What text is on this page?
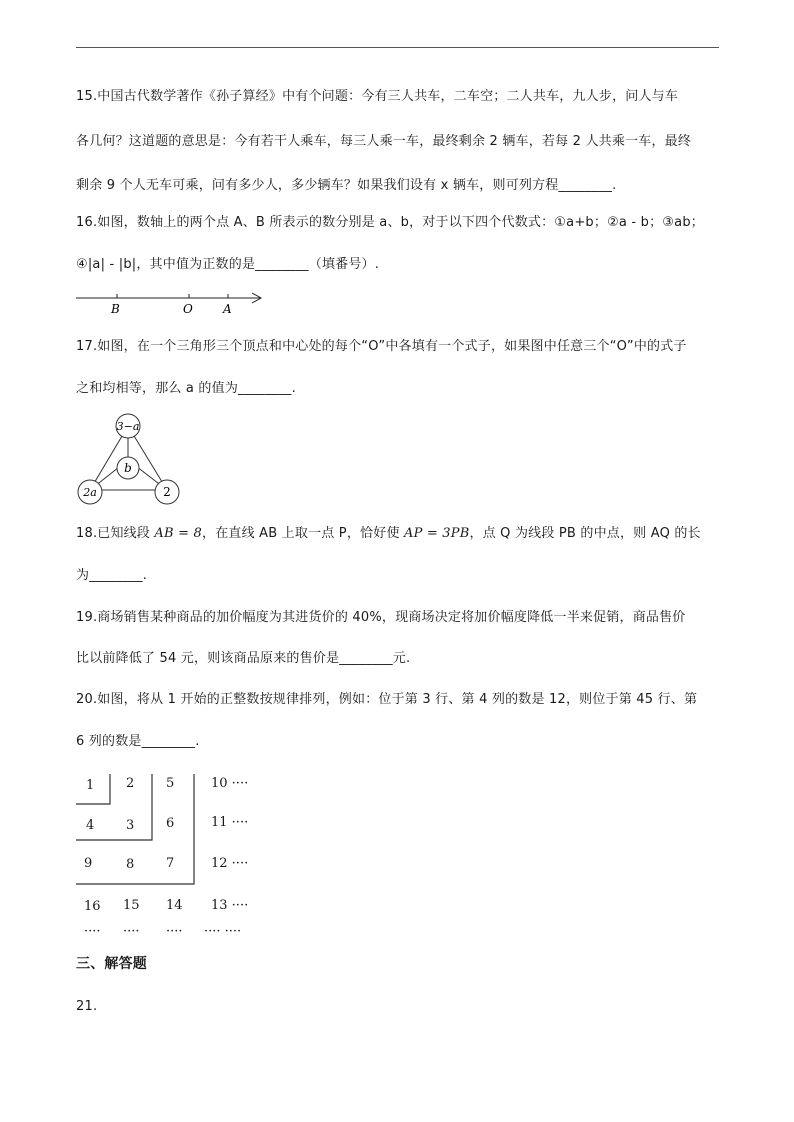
15.中国古代数学著作《孙子算经》中有个问题：今有三人共车，二车空；二人共车，九人步，问人与车
各几何？这道题的意思是：今有若干人乘车，每三人乘一车，最终剩余 2 辆车，若每 2 人共乘一车，最终
剩余 9 个人无车可乘，问有多少人，多少辆车？如果我们设有 x 辆车，则可列方程________.
16.如图，数轴上的两个点 A、B 所表示的数分别是 a、b，对于以下四个代数式：①a+b；②a - b；③ab；
④|a| - |b|，其中值为正数的是________（填番号）.
B	O	A
17.如图，在一个三角形三个顶点和中心处的每个“O”中各填有一个式子，如果图中任意三个“O”中的式子
之和均相等，那么 a 的值为________.
3−a
b
2a	2
18.已知线段 AB = 8，在直线 AB 上取一点 P，恰好使 AP = 3PB，点 Q 为线段 PB 的中点，则 AQ 的长
为________.
19.商场销售某种商品的加价幅度为其进货价的 40%，现商场决定将加价幅度降低一半来促销，商品售价
比以前降低了 54 元，则该商品原来的售价是________元.
20.如图，将从 1 开始的正整数按规律排列，例如：位于第 3 行、第 4 列的数是 12，则位于第 45 行、第
6 列的数是________.
1 2 5	10 ····
4 3 6	11 ····
9	8 7	12 ····
16 15 14 13 ····
···· ···· ···· ···· ····
三、解答题
21.
